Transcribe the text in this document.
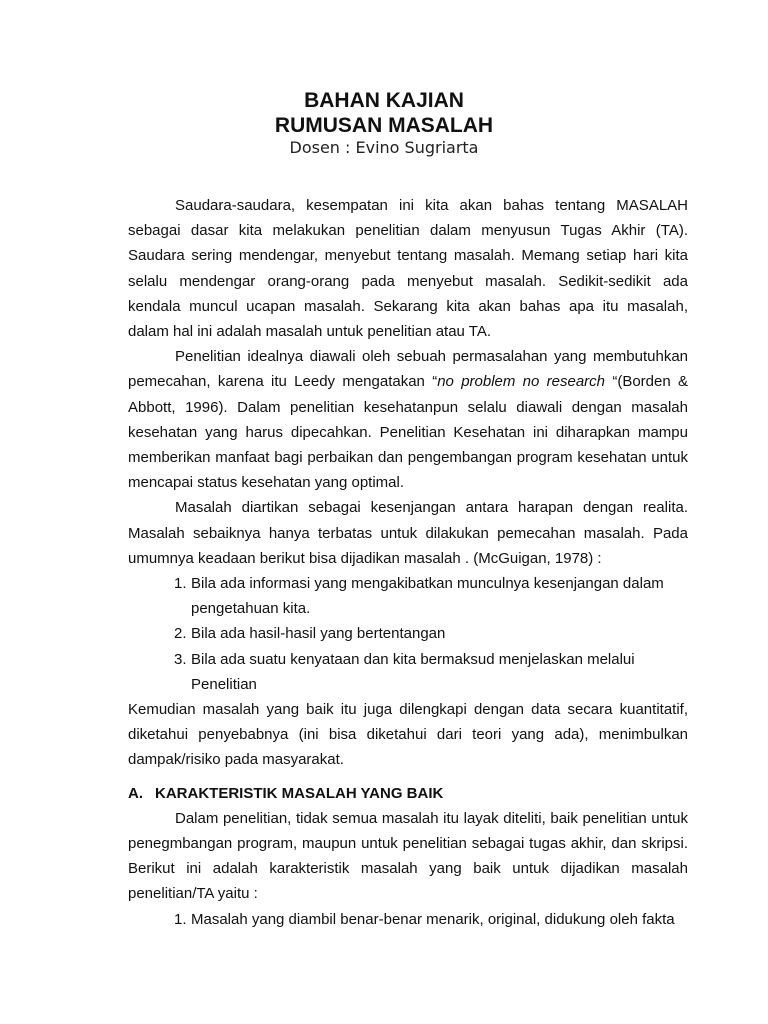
BAHAN KAJIAN
RUMUSAN MASALAH
Dosen : Evino Sugriarta

Saudara-saudara, kesempatan ini kita akan bahas tentang MASALAH sebagai dasar kita melakukan penelitian dalam menyusun Tugas Akhir (TA). Saudara sering mendengar, menyebut tentang masalah. Memang setiap hari kita selalu mendengar orang-orang pada menyebut masalah. Sedikit-sedikit ada kendala muncul ucapan masalah. Sekarang kita akan bahas apa itu masalah, dalam hal ini adalah masalah untuk penelitian atau TA.

Penelitian idealnya diawali oleh sebuah permasalahan yang membutuhkan pemecahan, karena itu Leedy mengatakan “no problem no research “(Borden & Abbott, 1996). Dalam penelitian kesehatanpun selalu diawali dengan masalah kesehatan yang harus dipecahkan. Penelitian Kesehatan ini diharapkan mampu memberikan manfaat bagi perbaikan dan pengembangan program kesehatan untuk mencapai status kesehatan yang optimal.

Masalah diartikan sebagai kesenjangan antara harapan dengan realita. Masalah sebaiknya hanya terbatas untuk dilakukan pemecahan masalah. Pada umumnya keadaan berikut bisa dijadikan masalah . (McGuigan, 1978) :

1. Bila ada informasi yang mengakibatkan munculnya kesenjangan dalam pengetahuan kita.
2. Bila ada hasil-hasil yang bertentangan
3. Bila ada suatu kenyataan dan kita bermaksud menjelaskan melalui Penelitian

Kemudian masalah yang baik itu juga dilengkapi dengan data secara kuantitatif, diketahui penyebabnya (ini bisa diketahui dari teori yang ada), menimbulkan dampak/risiko pada masyarakat.

A. KARAKTERISTIK MASALAH YANG BAIK

Dalam penelitian, tidak semua masalah itu layak diteliti, baik penelitian untuk penegmbangan program, maupun untuk penelitian sebagai tugas akhir, dan skripsi. Berikut ini adalah karakteristik masalah yang baik untuk dijadikan masalah penelitian/TA yaitu :

1. Masalah yang diambil benar-benar menarik, original, didukung oleh fakta
